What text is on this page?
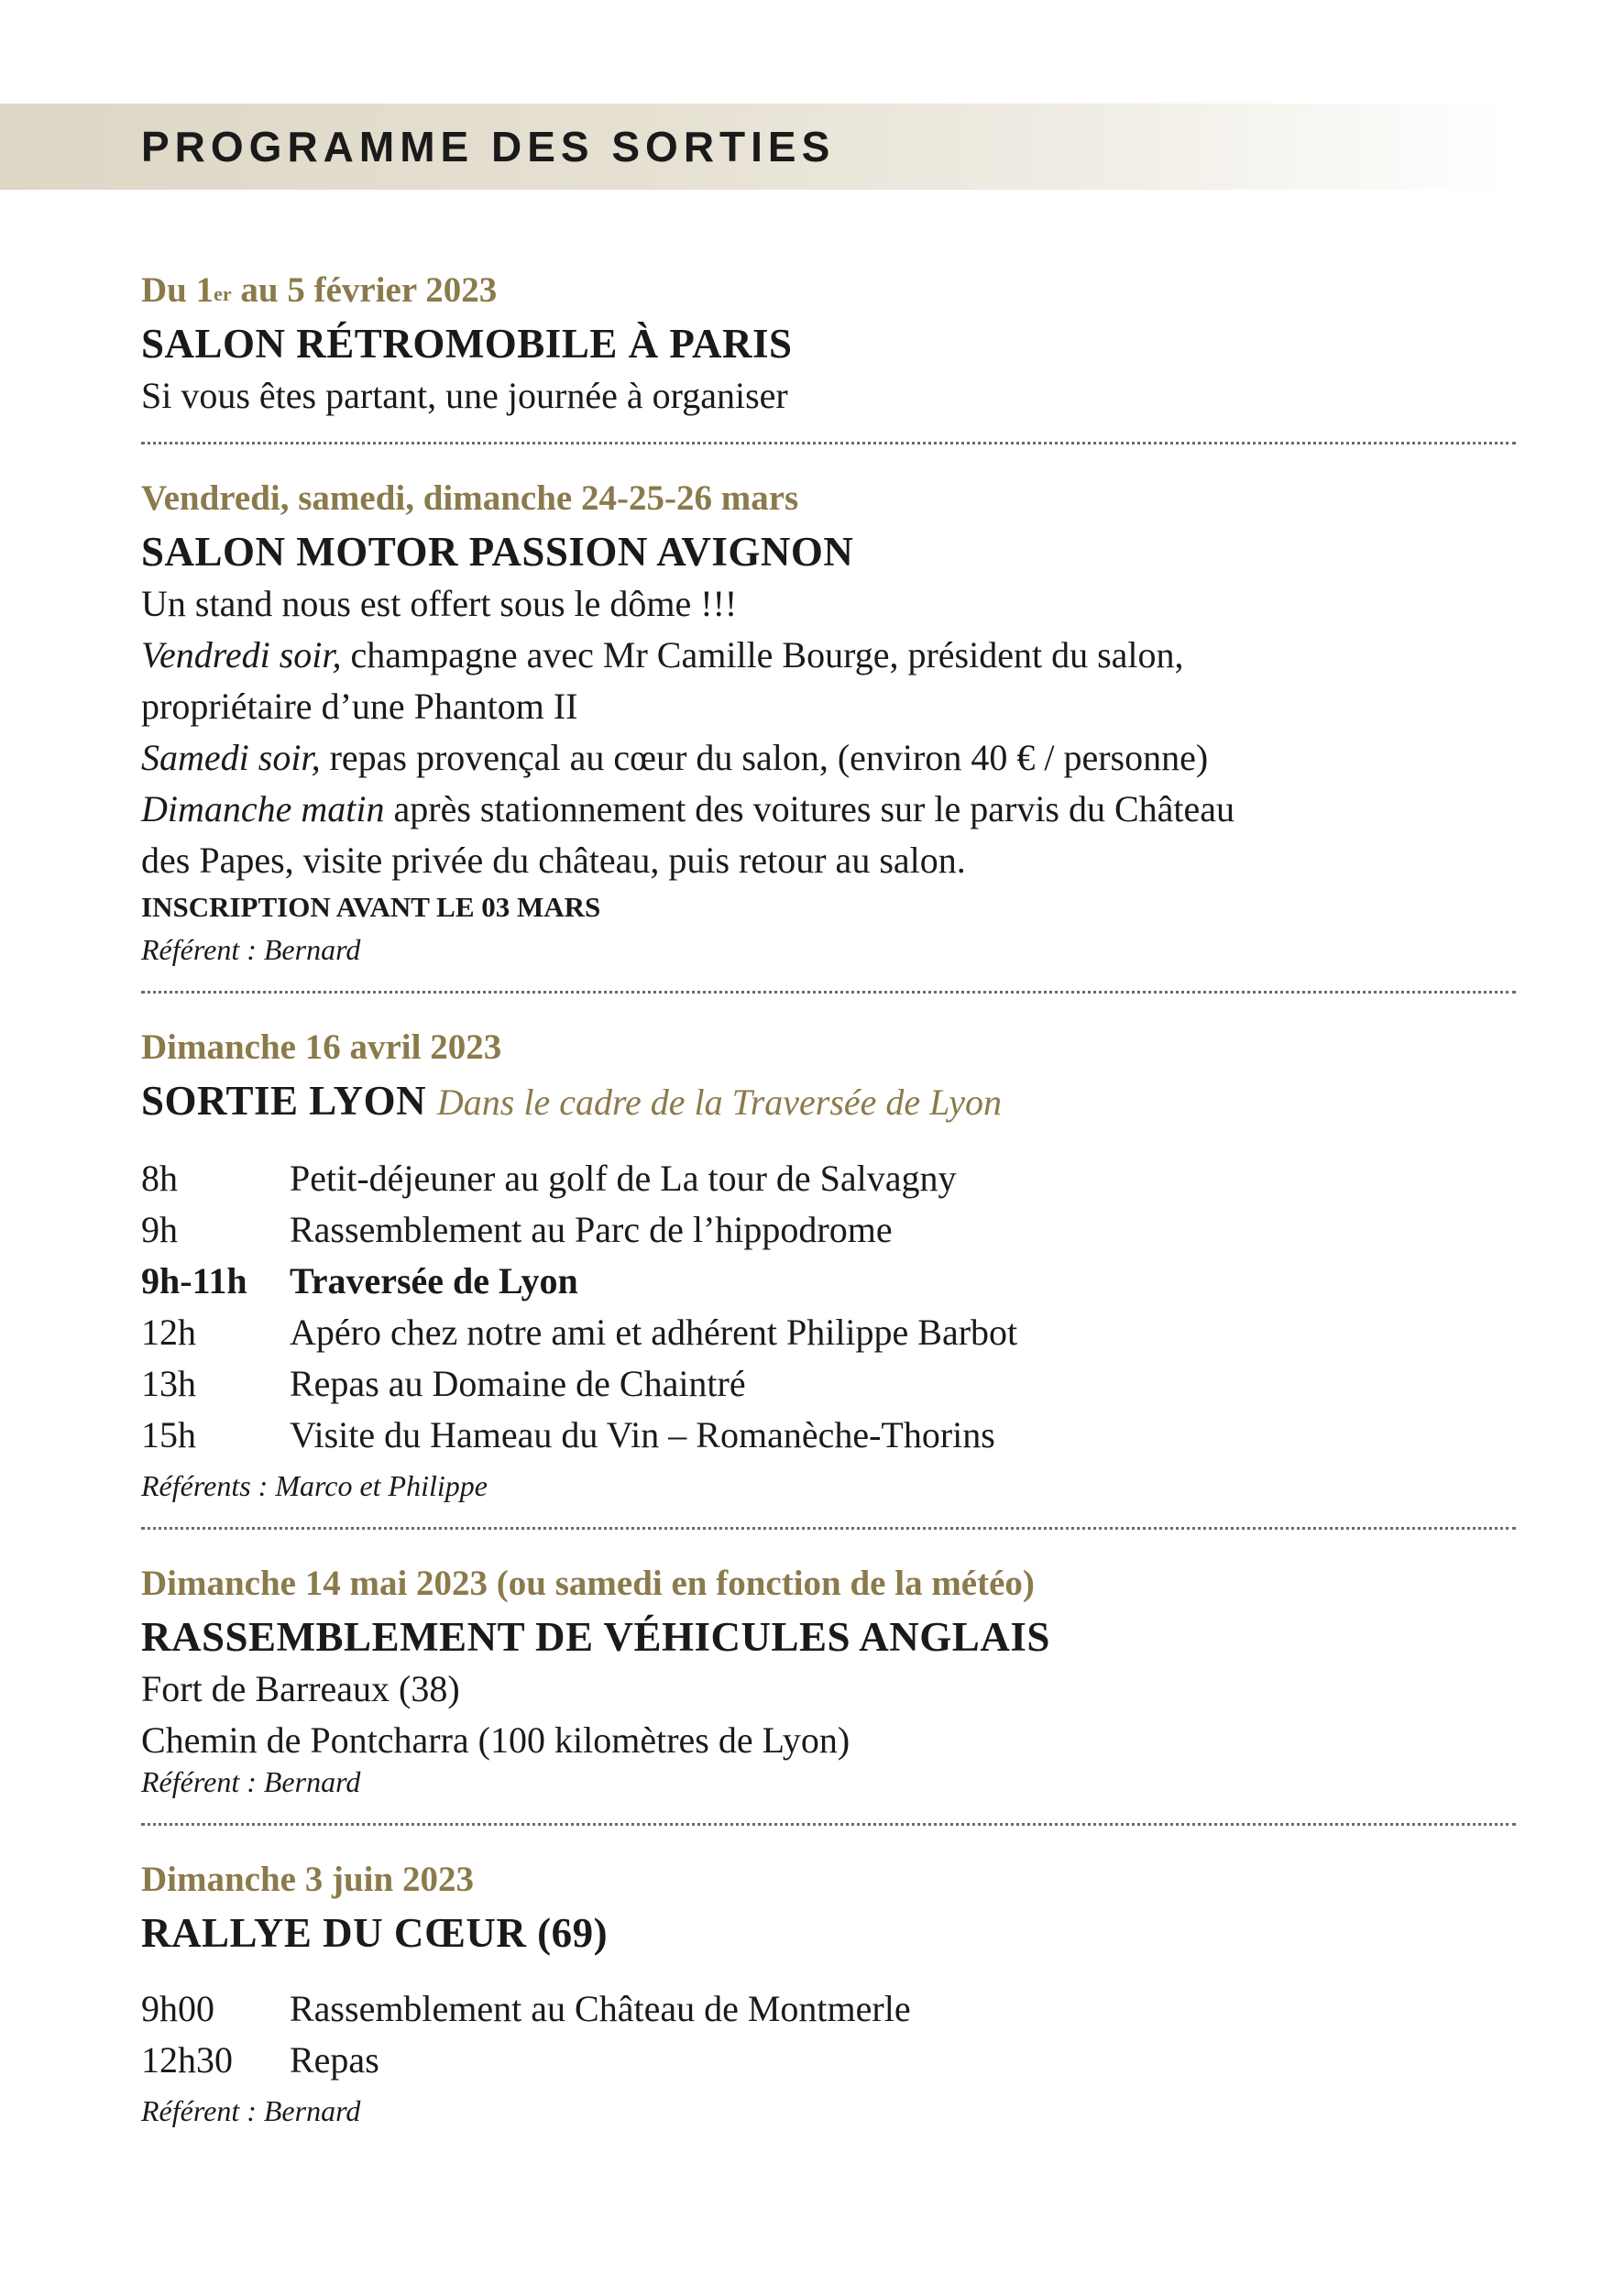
PROGRAMME DES SORTIES
Du 1er au 5 février 2023
SALON RÉTROMOBILE À PARIS
Si vous êtes partant, une journée à organiser
Vendredi, samedi, dimanche 24-25-26 mars
SALON MOTOR PASSION AVIGNON
Un stand nous est offert sous le dôme !!!
Vendredi soir, champagne avec Mr Camille Bourge, président du salon,
propriétaire d’une Phantom II
Samedi soir, repas provençal au cœur du salon, (environ 40 € / personne)
Dimanche matin après stationnement des voitures sur le parvis du Château
des Papes, visite privée du château, puis retour au salon.
INSCRIPTION AVANT LE 03 MARS
Référent : Bernard
Dimanche 16 avril 2023
SORTIE LYON Dans le cadre de la Traversée de Lyon
8h	Petit-déjeuner au golf de La tour de Salvagny
9h	Rassemblement au Parc de l’hippodrome
9h-11h	Traversée de Lyon
12h	Apéro chez notre ami et adhérent Philippe Barbot
13h	Repas au Domaine de Chaintré
15h	Visite du Hameau du Vin – Romanèche-Thorins
Référents : Marco et Philippe
Dimanche 14 mai 2023 (ou samedi en fonction de la météo)
RASSEMBLEMENT DE VÉHICULES ANGLAIS
Fort de Barreaux (38)
Chemin de Pontcharra (100 kilomètres de Lyon)
Référent : Bernard
Dimanche 3 juin 2023
RALLYE DU CŒUR (69)
9h00	Rassemblement au Château de Montmerle
12h30	Repas
Référent : Bernard
